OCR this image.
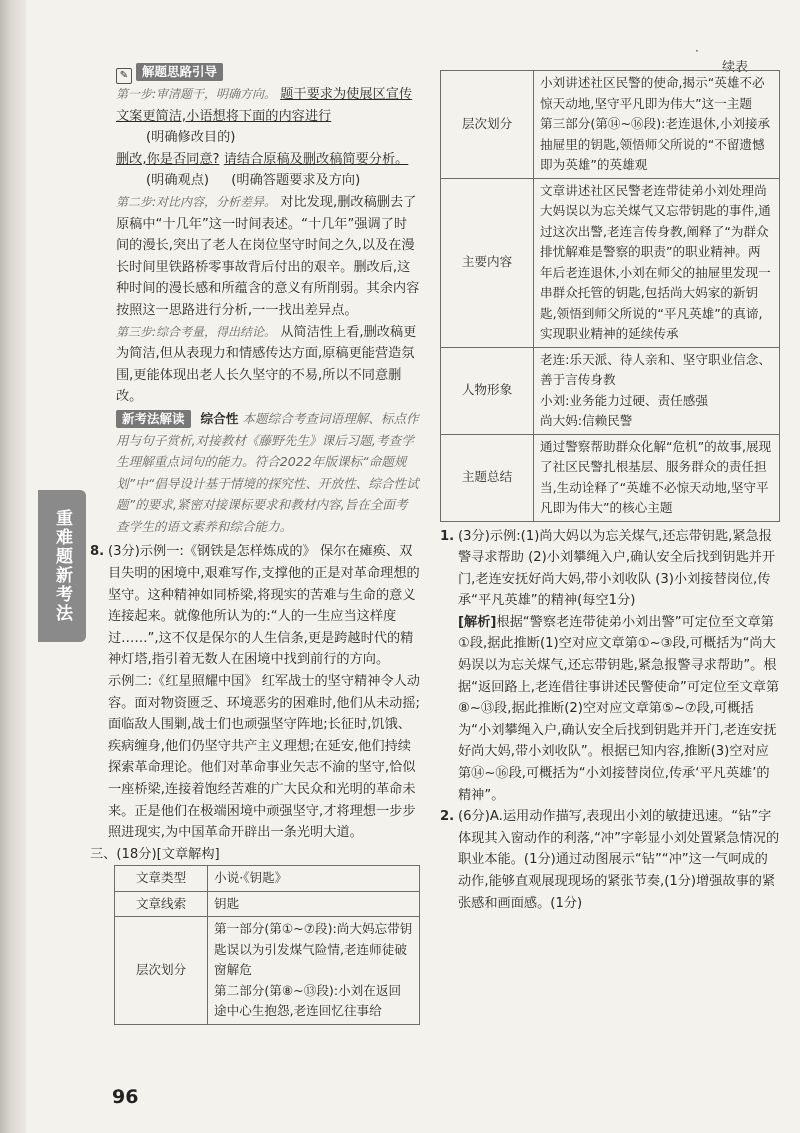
·
续表
重难题新考法
96
✎ 解题思路引导
第一步:审清题干，明确方向。 题干要求为使展区宣传文案更简洁,小语想将下面的内容进行
(明确修改目的)
删改,你是否同意? 请结合原稿及删改稿简要分析。
(明确观点) (明确答题要求及方向)
第二步:对比内容，分析差异。 对比发现,删改稿删去了原稿中“十几年”这一时间表述。“十几年”强调了时间的漫长,突出了老人在岗位坚守时间之久,以及在漫长时间里铁路桥零事故背后付出的艰辛。删改后,这种时间的漫长感和所蕴含的意义有所削弱。其余内容按照这一思路进行分析,一一找出差异点。
第三步:综合考量，得出结论。 从简洁性上看,删改稿更为简洁,但从表现力和情感传达方面,原稿更能营造氛围,更能体现出老人长久坚守的不易,所以不同意删改。
新考法解读 综合性 本题综合考查词语理解、标点作用与句子赏析,对接教材《藤野先生》课后习题,考查学生理解重点词句的能力。符合2022年版课标“命题规划”中“倡导设计基于情境的探究性、开放性、综合性试题”的要求,紧密对接课标要求和教材内容,旨在全面考查学生的语文素养和综合能力。
8. (3分)示例一:《钢铁是怎样炼成的》 保尔在瘫痪、双目失明的困境中,艰难写作,支撑他的正是对革命理想的坚守。这种精神如同桥梁,将现实的苦难与生命的意义连接起来。就像他所认为的:“人的一生应当这样度过……”,这不仅是保尔的人生信条,更是跨越时代的精神灯塔,指引着无数人在困境中找到前行的方向。
示例二:《红星照耀中国》 红军战士的坚守精神令人动容。面对物资匮乏、环境恶劣的困难时,他们从未动摇;面临敌人围剿,战士们也顽强坚守阵地;长征时,饥饿、疾病缠身,他们仍坚守共产主义理想;在延安,他们持续探索革命理论。他们对革命事业矢志不渝的坚守,恰似一座桥梁,连接着饱经苦难的广大民众和光明的革命未来。正是他们在极端困境中顽强坚守,才将理想一步步照进现实,为中国革命开辟出一条光明大道。
三、(18分)[文章解构]
文章类型	小说·《钥匙》
文章线索	钥匙
层次划分	第一部分(第①~⑦段):尚大妈忘带钥匙误以为引发煤气险情,老连师徒破窗解危
第二部分(第⑧~⑬段):小刘在返回途中心生抱怨,老连回忆往事给
层次划分	小刘讲述社区民警的使命,揭示“英雄不必惊天动地,坚守平凡即为伟大”这一主题
第三部分(第⑭~⑯段):老连退休,小刘接承抽屉里的钥匙,领悟师父所说的“不留遗憾即为英雄”的英雄观

主要内容	文章讲述社区民警老连带徒弟小刘处理尚大妈误以为忘关煤气又忘带钥匙的事件,通过这次出警,老连言传身教,阐释了“为群众排忧解难是警察的职责”的职业精神。两年后老连退休,小刘在师父的抽屉里发现一串群众托管的钥匙,包括尚大妈家的新钥匙,领悟到师父所说的“平凡英雄”的真谛,实现职业精神的延续传承
人物形象	老连:乐天派、待人亲和、坚守职业信念、善于言传身教
小刘:业务能力过硬、责任感强
尚大妈:信赖民警

主题总结	通过警察帮助群众化解“危机”的故事,展现了社区民警扎根基层、服务群众的责任担当,生动诠释了“英雄不必惊天动地,坚守平凡即为伟大”的核心主题
1. (3分)示例:(1)尚大妈以为忘关煤气,还忘带钥匙,紧急报警寻求帮助 (2)小刘攀绳入户,确认安全后找到钥匙并开门,老连安抚好尚大妈,带小刘收队 (3)小刘接替岗位,传承“平凡英雄”的精神(每空1分)
[解析]根据“警察老连带徒弟小刘出警”可定位至文章第①段,据此推断(1)空对应文章第①~③段,可概括为“尚大妈误以为忘关煤气,还忘带钥匙,紧急报警寻求帮助”。根据“返回路上,老连借往事讲述民警使命”可定位至文章第⑧~⑬段,据此推断(2)空对应文章第⑤~⑦段,可概括为“小刘攀绳入户,确认安全后找到钥匙并开门,老连安抚好尚大妈,带小刘收队”。根据已知内容,推断(3)空对应第⑭~⑯段,可概括为“小刘接替岗位,传承‘平凡英雄’的精神”。
2. (6分)A.运用动作描写,表现出小刘的敏捷迅速。“钻”字体现其入窗动作的利落,“冲”字彰显小刘处置紧急情况的职业本能。(1分)通过动图展示“钻”“冲”这一气呵成的动作,能够直观展现现场的紧张节奏,(1分)增强故事的紧张感和画面感。(1分)
